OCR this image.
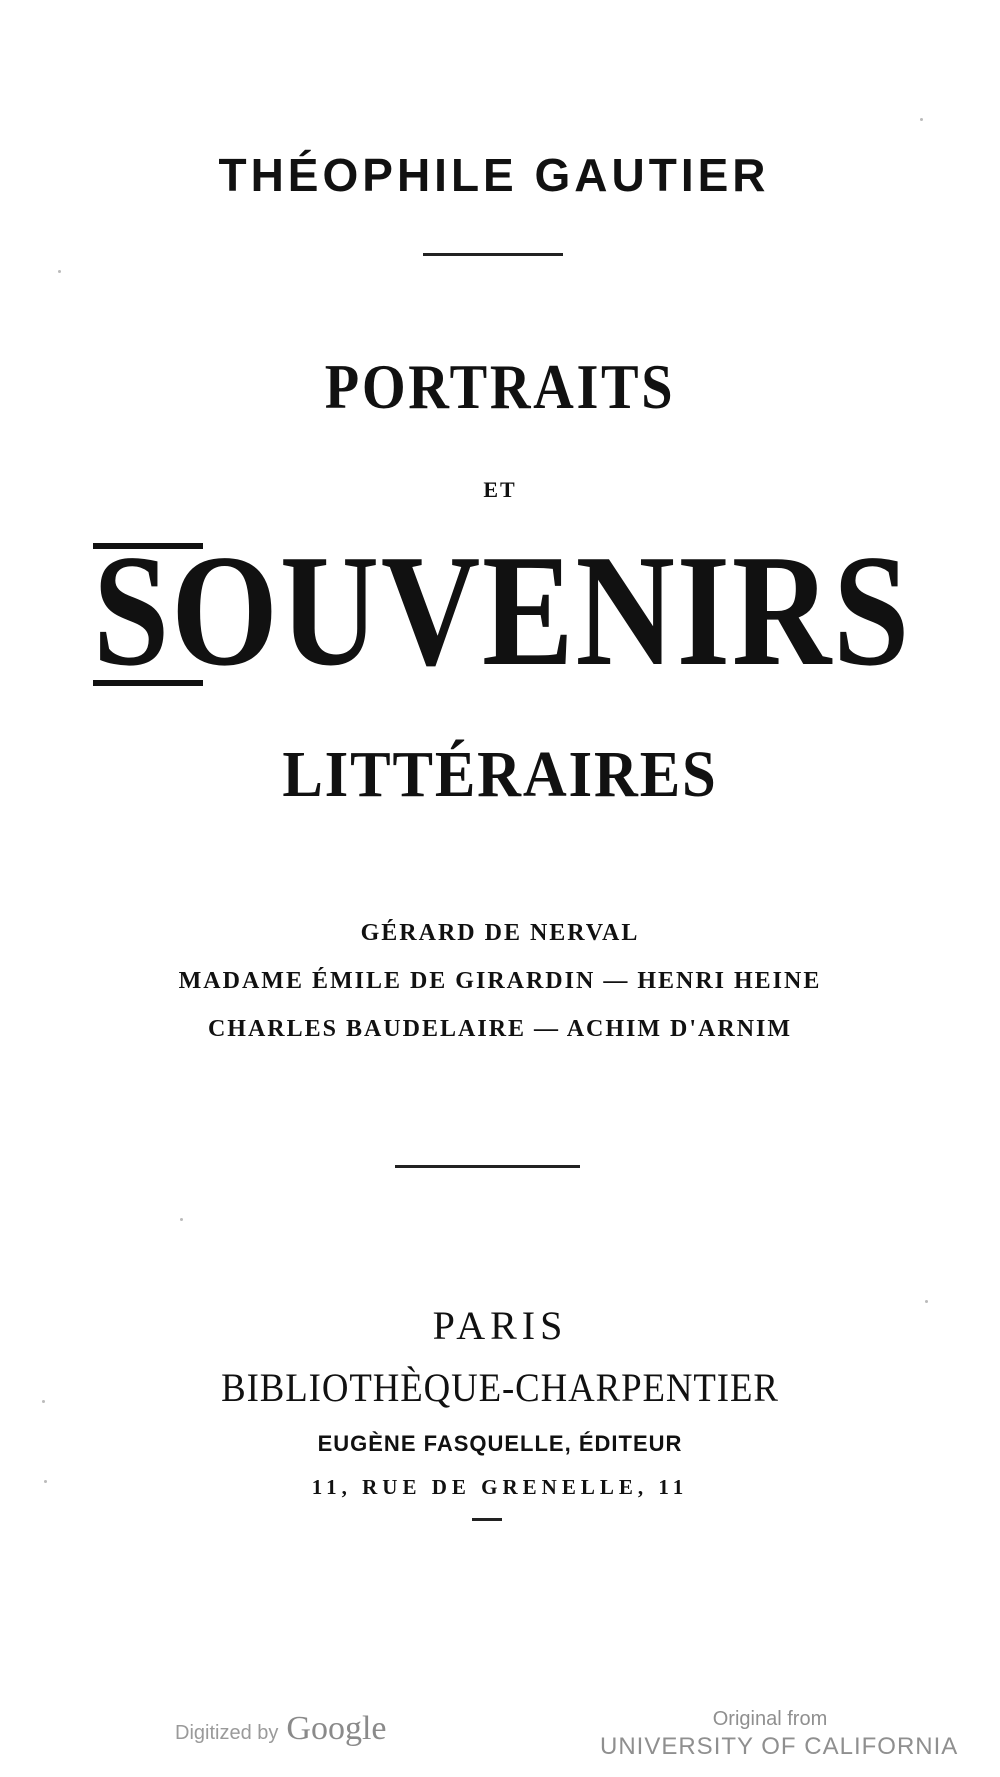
THÉOPHILE GAUTIER
PORTRAITS
ET
SOUVENIRS
LITTÉRAIRES
GÉRARD DE NERVAL
MADAME ÉMILE DE GIRARDIN — HENRI HEINE
CHARLES BAUDELAIRE — ACHIM D'ARNIM
PARIS
BIBLIOTHÈQUE-CHARPENTIER
EUGÈNE FASQUELLE, ÉDITEUR
11, RUE DE GRENELLE, 11
Digitized by Google	Original from
UNIVERSITY OF CALIFORNIA
